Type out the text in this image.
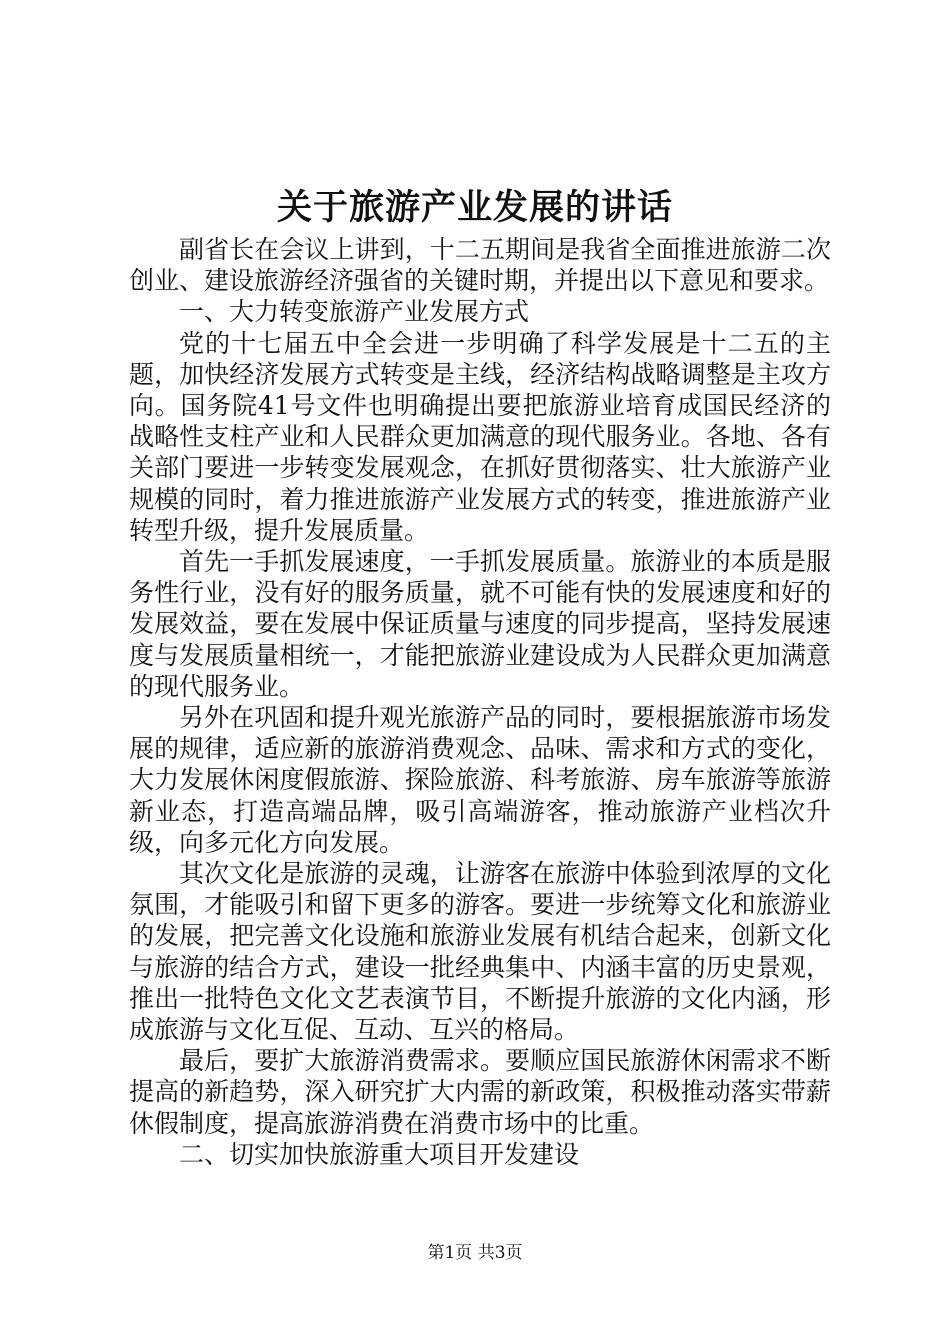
关于旅游产业发展的讲话

副省长在会议上讲到，十二五期间是我省全面推进旅游二次创业、建设旅游经济强省的关键时期，并提出以下意见和要求。

一、大力转变旅游产业发展方式

党的十七届五中全会进一步明确了科学发展是十二五的主题，加快经济发展方式转变是主线，经济结构战略调整是主攻方向。国务院41号文件也明确提出要把旅游业培育成国民经济的战略性支柱产业和人民群众更加满意的现代服务业。各地、各有关部门要进一步转变发展观念，在抓好贯彻落实、壮大旅游产业规模的同时，着力推进旅游产业发展方式的转变，推进旅游产业转型升级，提升发展质量。

首先一手抓发展速度，一手抓发展质量。旅游业的本质是服务性行业，没有好的服务质量，就不可能有快的发展速度和好的发展效益，要在发展中保证质量与速度的同步提高，坚持发展速度与发展质量相统一，才能把旅游业建设成为人民群众更加满意的现代服务业。

另外在巩固和提升观光旅游产品的同时，要根据旅游市场发展的规律，适应新的旅游消费观念、品味、需求和方式的变化，大力发展休闲度假旅游、探险旅游、科考旅游、房车旅游等旅游新业态，打造高端品牌，吸引高端游客，推动旅游产业档次升级，向多元化方向发展。

其次文化是旅游的灵魂，让游客在旅游中体验到浓厚的文化氛围，才能吸引和留下更多的游客。要进一步统筹文化和旅游业的发展，把完善文化设施和旅游业发展有机结合起来，创新文化与旅游的结合方式，建设一批经典集中、内涵丰富的历史景观，推出一批特色文化文艺表演节目，不断提升旅游的文化内涵，形成旅游与文化互促、互动、互兴的格局。

最后，要扩大旅游消费需求。要顺应国民旅游休闲需求不断提高的新趋势，深入研究扩大内需的新政策，积极推动落实带薪休假制度，提高旅游消费在消费市场中的比重。

二、切实加快旅游重大项目开发建设

第1页 共3页
